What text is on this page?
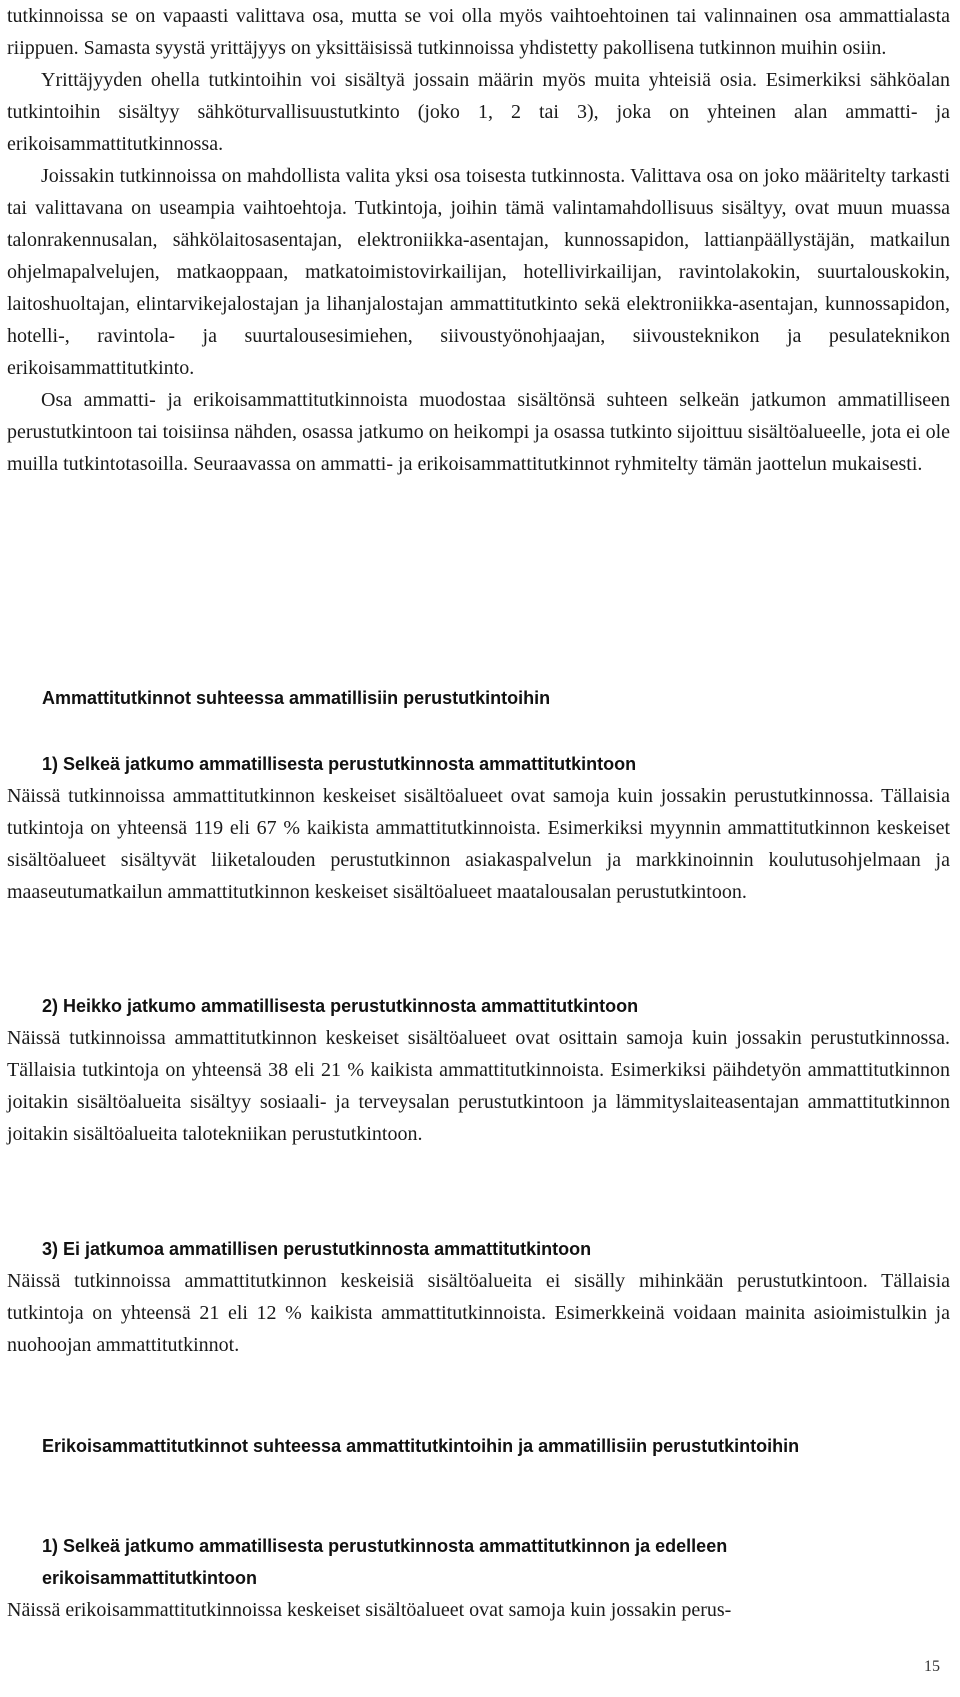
tutkinnoissa se on vapaasti valittava osa, mutta se voi olla myös vaihtoehtoinen tai valinnainen osa ammattialasta riippuen. Samasta syystä yrittäjyys on yksittäisissä tutkinnoissa yhdistetty pakollisena tutkinnon muihin osiin.
Yrittäjyyden ohella tutkintoihin voi sisältyä jossain määrin myös muita yhteisiä osia. Esimerkiksi sähköalan tutkintoihin sisältyy sähköturvallisuustutkinto (joko 1, 2 tai 3), joka on yhteinen alan ammatti- ja erikoisammattitutkinnossa.
Joissakin tutkinnoissa on mahdollista valita yksi osa toisesta tutkinnosta. Valittava osa on joko määritelty tarkasti tai valittavana on useampia vaihtoehtoja. Tutkintoja, joihin tämä valintamahdollisuus sisältyy, ovat muun muassa talonrakennusalan, sähkölaitosasentajan, elektroniikka-asentajan, kunnossapidon, lattianpäällystäjän, matkailun ohjelmapalvelujen, matkaoppaan, matkatoimistovirkailijan, hotellivirkailijan, ravintolakokin, suurtalouskokin, laitoshuoltajan, elintarvikejalostajan ja lihanjalostajan ammattitutkinto sekä elektroniikka-asentajan, kunnossapidon, hotelli-, ravintola- ja suurtalousesimiehen, siivoustyönohjaajan, siivousteknikon ja pesulateknikon erikoisammattitutkinto.
Osa ammatti- ja erikoisammattitutkinnoista muodostaa sisältönsä suhteen selkeän jatkumon ammatilliseen perustutkintoon tai toisiinsa nähden, osassa jatkumo on heikompi ja osassa tutkinto sijoittuu sisältöalueelle, jota ei ole muilla tutkintotasoilla. Seuraavassa on ammatti- ja erikoisammattitutkinnot ryhmitelty tämän jaottelun mukaisesti.
Ammattitutkinnot suhteessa ammatillisiin perustutkintoihin
1) Selkeä jatkumo ammatillisesta perustutkinnosta ammattitutkintoon
Näissä tutkinnoissa ammattitutkinnon keskeiset sisältöalueet ovat samoja kuin jossakin perustutkinnossa. Tällaisia tutkintoja on yhteensä 119 eli 67 % kaikista ammattitutkinnoista. Esimerkiksi myynnin ammattitutkinnon keskeiset sisältöalueet sisältyvät liiketalouden perustutkinnon asiakaspalvelun ja markkinoinnin koulutusohjelmaan ja maaseutumatkailun ammattitutkinnon keskeiset sisältöalueet maatalousalan perustutkintoon.
2) Heikko jatkumo ammatillisesta perustutkinnosta ammattitutkintoon
Näissä tutkinnoissa ammattitutkinnon keskeiset sisältöalueet ovat osittain samoja kuin jossakin perustutkinnossa. Tällaisia tutkintoja on yhteensä 38 eli 21 % kaikista ammattitutkinnoista. Esimerkiksi päihdetyön ammattitutkinnon joitakin sisältöalueita sisältyy sosiaali- ja terveysalan perustutkintoon ja lämmityslaiteasentajan ammattitutkinnon joitakin sisältöalueita talotekniikan perustutkintoon.
3) Ei jatkumoa ammatillisen perustutkinnosta ammattitutkintoon
Näissä tutkinnoissa ammattitutkinnon keskeisiä sisältöalueita ei sisälly mihinkään perustutkintoon. Tällaisia tutkintoja on yhteensä 21 eli 12 % kaikista ammattitutkinnoista. Esimerkkeinä voidaan mainita asioimistulkin ja nuohoojan ammattitutkinnot.
Erikoisammattitutkinnot suhteessa ammattitutkintoihin ja ammatillisiin perustutkintoihin
1) Selkeä jatkumo ammatillisesta perustutkinnosta ammattitutkinnon ja edelleen erikoisammattitutkintoon
Näissä erikoisammattitutkinnoissa keskeiset sisältöalueet ovat samoja kuin jossakin perus-
15
